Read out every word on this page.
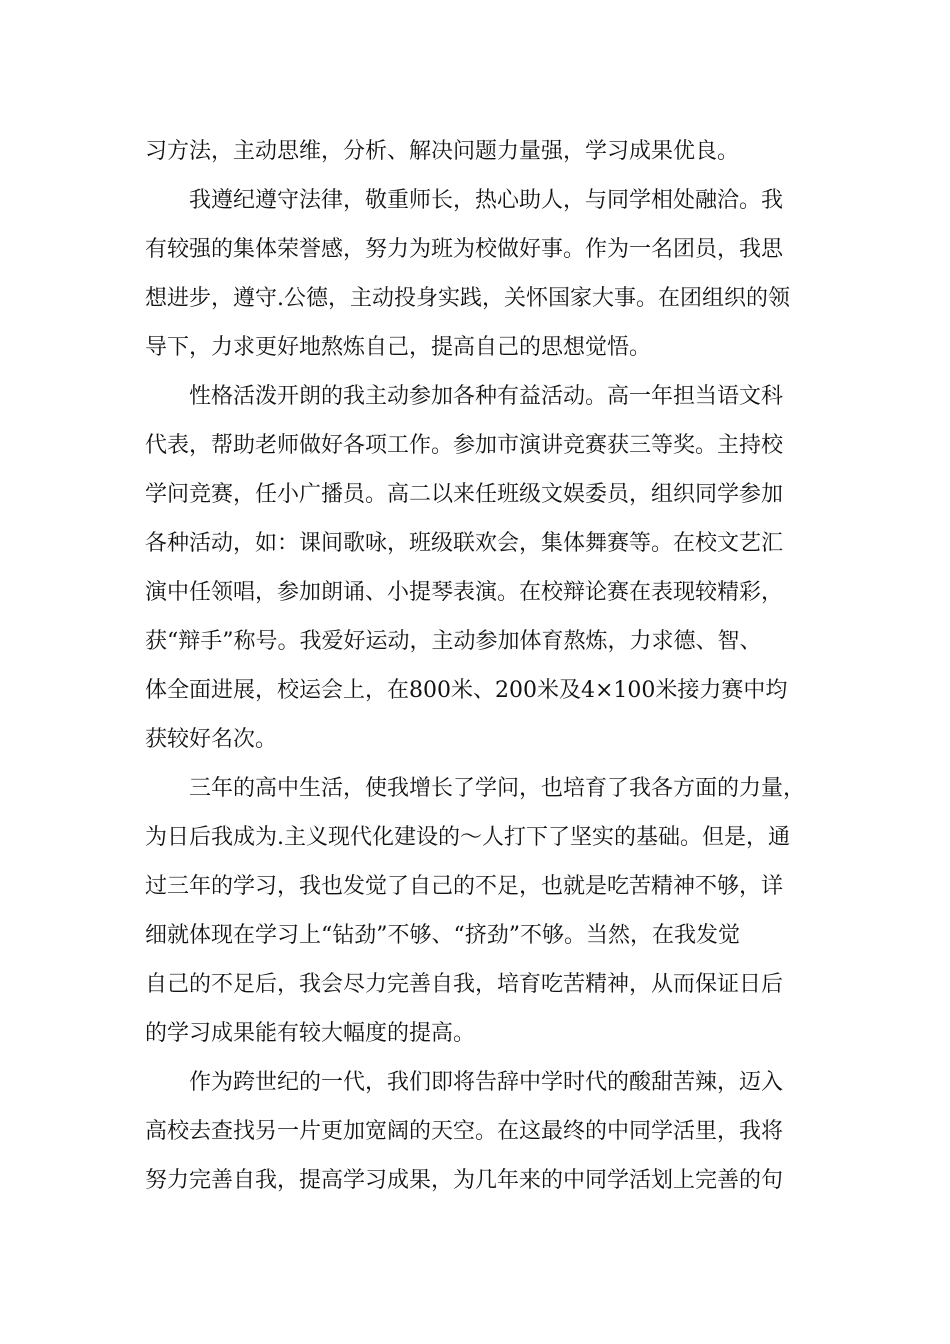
习方法，主动思维，分析、解决问题力量强，学习成果优良。
我遵纪遵守法律，敬重师长，热心助人，与同学相处融洽。我
有较强的集体荣誉感，努力为班为校做好事。作为一名团员，我思
想进步，遵守.公德，主动投身实践，关怀国家大事。在团组织的领
导下，力求更好地熬炼自己，提高自己的思想觉悟。
性格活泼开朗的我主动参加各种有益活动。高一年担当语文科
代表，帮助老师做好各项工作。参加市演讲竞赛获三等奖。主持校
学问竞赛，任小广播员。高二以来任班级文娱委员，组织同学参加
各种活动，如：课间歌咏，班级联欢会，集体舞赛等。在校文艺汇
演中任领唱，参加朗诵、小提琴表演。在校辩论赛在表现较精彩，
获“辩手”称号。我爱好运动，主动参加体育熬炼，力求德、智、
体全面进展，校运会上，在800米、200米及4×100米接力赛中均
获较好名次。
三年的高中生活，使我增长了学问，也培育了我各方面的力量，
为日后我成为.主义现代化建设的～人打下了坚实的基础。但是，通
过三年的学习，我也发觉了自己的不足，也就是吃苦精神不够，详
细就体现在学习上“钻劲”不够、“挤劲”不够。当然，在我发觉
自己的不足后，我会尽力完善自我，培育吃苦精神，从而保证日后
的学习成果能有较大幅度的提高。
作为跨世纪的一代，我们即将告辞中学时代的酸甜苦辣，迈入
高校去查找另一片更加宽阔的天空。在这最终的中同学活里，我将
努力完善自我，提高学习成果，为几年来的中同学活划上完善的句
